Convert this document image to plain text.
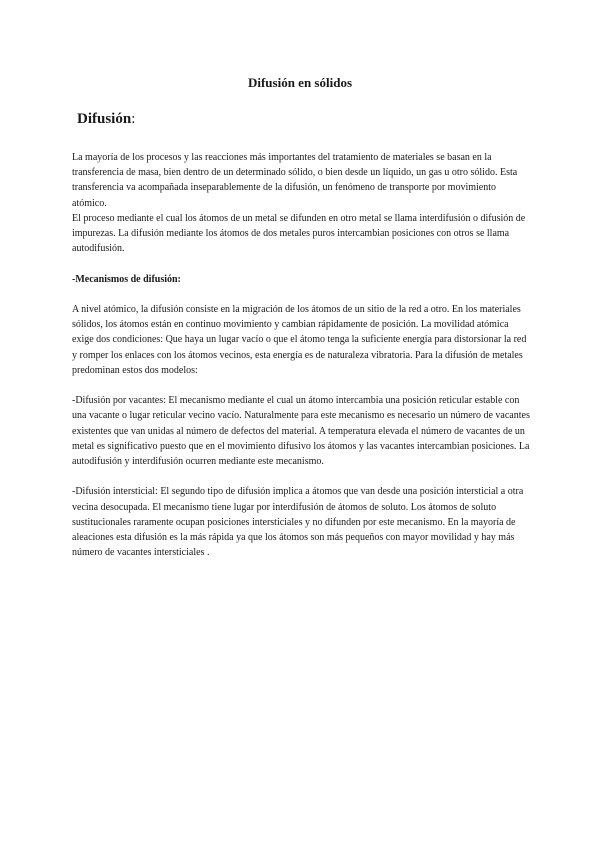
Difusión en sólidos
Difusión:

La mayoría de los procesos y las reacciones más importantes del tratamiento de materiales se basan en la transferencia de masa, bien dentro de un determinado sólido, o bien desde un líquido, un gas u otro sólido. Esta transferencia va acompañada inseparablemente de la difusión, un fenómeno de transporte por movimiento atómico.

El proceso mediante el cual los átomos de un metal se difunden en otro metal se llama interdifusión o difusión de impurezas. La difusión mediante los átomos de dos metales puros intercambian posiciones con otros se llama autodifusión.

-Mecanismos de difusión:

A nivel atómico, la difusión consiste en la migración de los átomos de un sitio de la red a otro. En los materiales sólidos, los átomos están en continuo movimiento y cambian rápidamente de posición. La movilidad atómica exige dos condiciones: Que haya un lugar vacío o que el átomo tenga la suficiente energía para distorsionar la red y romper los enlaces con los átomos vecinos, esta energía es de naturaleza vibratoria. Para la difusión de metales predominan estos dos modelos:

-Difusión por vacantes: El mecanismo mediante el cual un átomo intercambia una posición reticular estable con una vacante o lugar reticular vecino vacío. Naturalmente para este mecanismo es necesario un número de vacantes existentes que van unidas al número de defectos del material. A temperatura elevada el número de vacantes de un metal es significativo puesto que en el movimiento difusivo los átomos y las vacantes intercambian posiciones. La autodifusión y interdifusión ocurren mediante este mecanismo.

-Difusión intersticial: El segundo tipo de difusión implica a átomos que van desde una posición intersticial a otra vecina desocupada. El mecanismo tiene lugar por interdifusión de átomos de soluto. Los átomos de soluto sustitucionales raramente ocupan posiciones intersticiales y no difunden por este mecanismo. En la mayoría de aleaciones esta difusión es la más rápida ya que los átomos son más pequeños con mayor movilidad y hay más número de vacantes intersticiales .
